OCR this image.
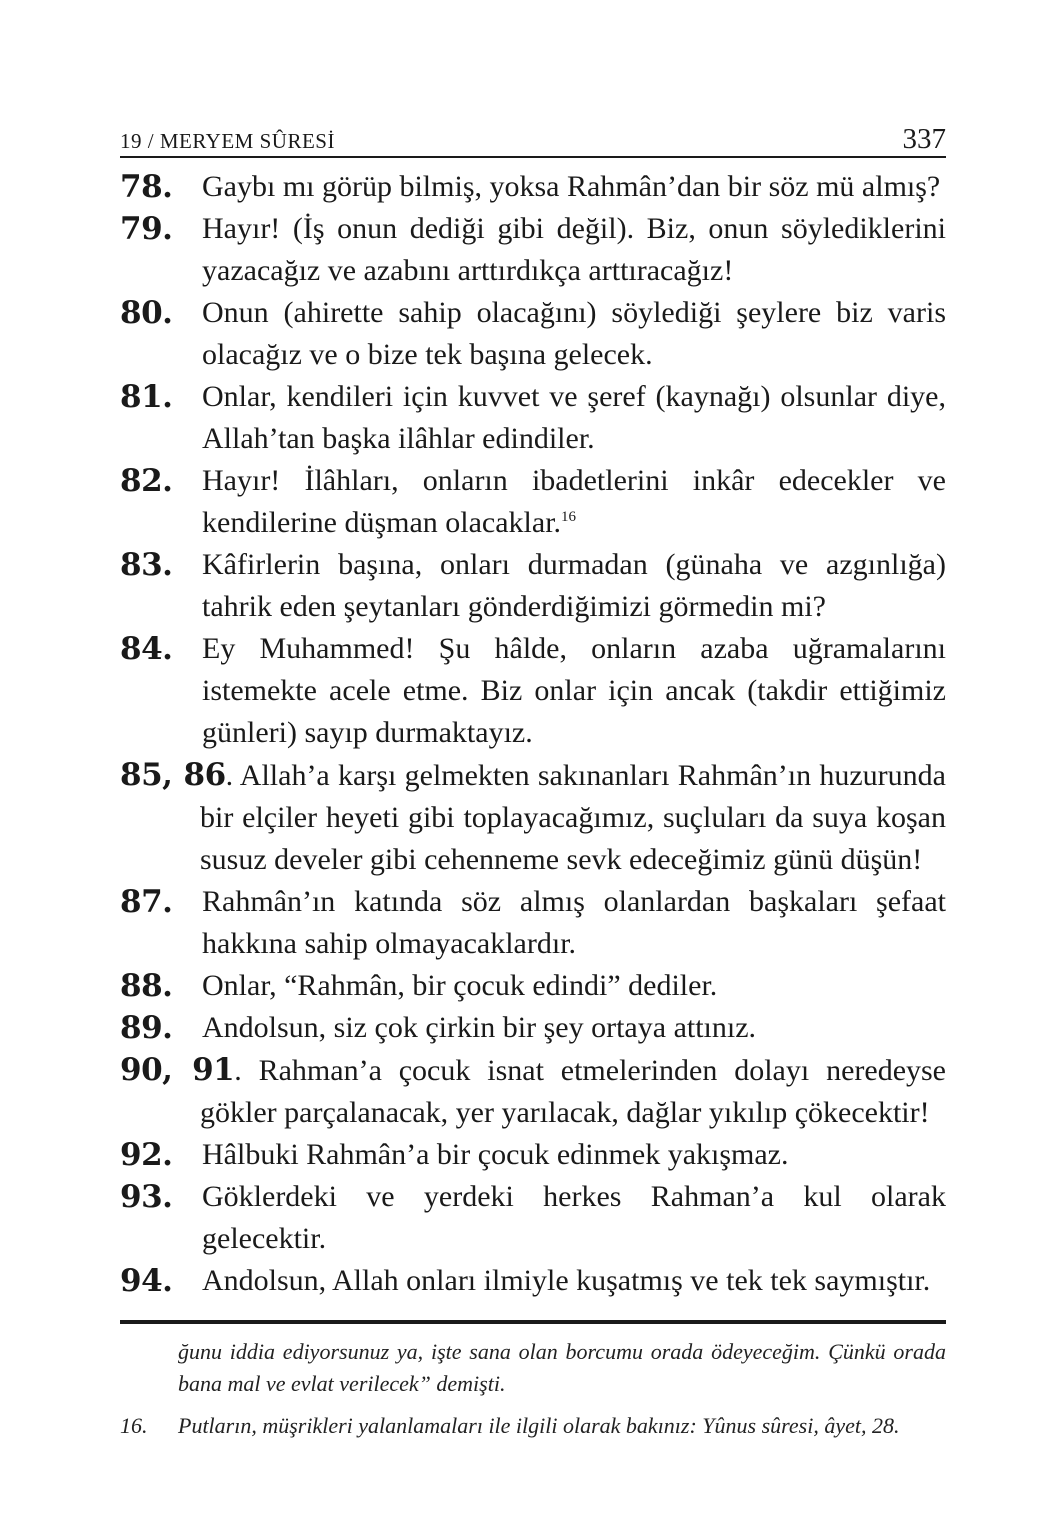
19 / MERYEM SÛRESİ	337
78. Gaybı mı görüp bilmiş, yoksa Rahmân’dan bir söz mü almış?
79. Hayır! (İş onun dediği gibi değil). Biz, onun söylediklerini yazacağız ve azabını arttırdıkça arttıracağız!
80. Onun (ahirette sahip olacağını) söylediği şeylere biz varis olacağız ve o bize tek başına gelecek.
81. Onlar, kendileri için kuvvet ve şeref (kaynağı) olsunlar diye, Allah’tan başka ilâhlar edindiler.
82. Hayır! İlâhları, onların ibadetlerini inkâr edecekler ve kendilerine düşman olacaklar.$^{16}$
83. Kâfirlerin başına, onları durmadan (günaha ve azgınlığa) tahrik eden şeytanları gönderdiğimizi görmedin mi?
84. Ey Muhammed! Şu hâlde, onların azaba uğramalarını istemekte acele etme. Biz onlar için ancak (takdir ettiğimiz günleri) sayıp durmaktayız.
85, 86. Allah’a karşı gelmekten sakınanları Rahmân’ın huzurunda bir elçiler heyeti gibi toplayacağımız, suçluları da suya koşan susuz develer gibi cehenneme sevk edeceğimiz günü düşün!
87. Rahmân’ın katında söz almış olanlardan başkaları şefaat hakkına sahip olmayacaklardır.
88. Onlar, “Rahmân, bir çocuk edindi” dediler.
89. Andolsun, siz çok çirkin bir şey ortaya attınız.
90, 91. Rahman’a çocuk isnat etmelerinden dolayı neredeyse gökler parçalanacak, yer yarılacak, dağlar yıkılıp çökecektir!
92. Hâlbuki Rahmân’a bir çocuk edinmek yakışmaz.
93. Göklerdeki ve yerdeki herkes Rahman’a kul olarak gelecektir.
94. Andolsun, Allah onları ilmiyle kuşatmış ve tek tek saymıştır.
ğunu iddia ediyorsunuz ya, işte sana olan borcumu orada ödeyeceğim. Çünkü orada bana mal ve evlat verilecek” demişti.
16.	Putların, müşrikleri yalanlamaları ile ilgili olarak bakınız: Yûnus sûresi, âyet, 28.
